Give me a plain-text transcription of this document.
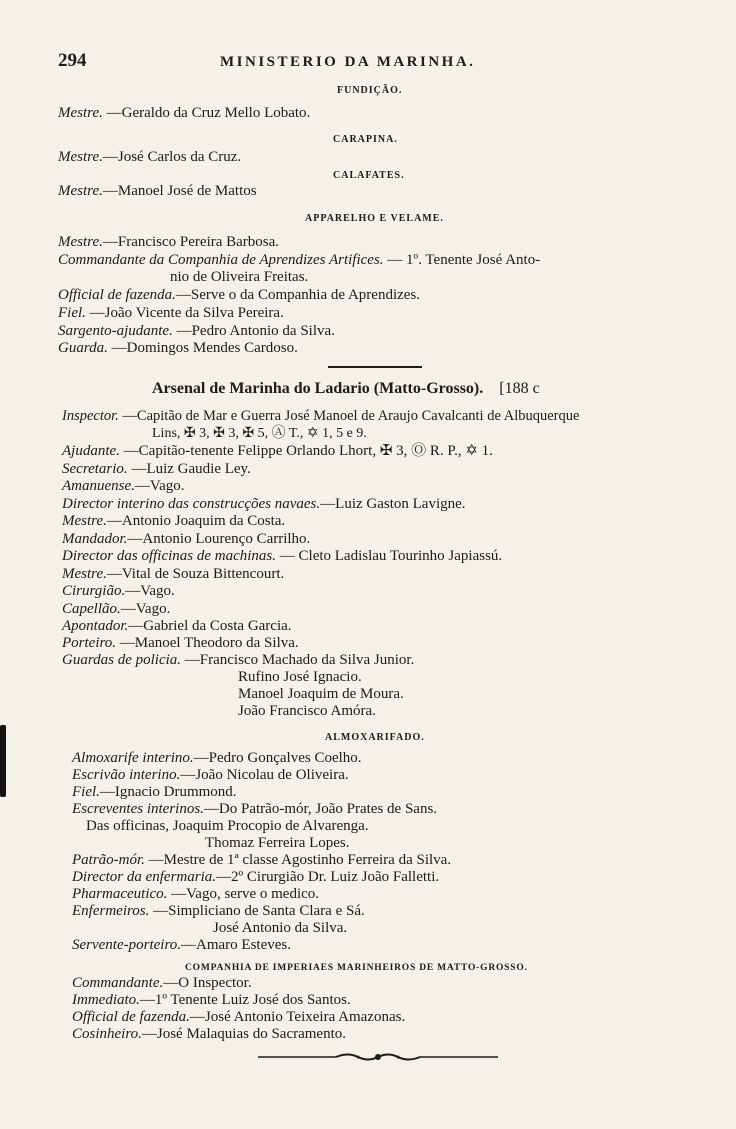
294	MINISTERIO DA MARINHA.
FUNDIÇÃO.
Mestre. —Geraldo da Cruz Mello Lobato.
CARAPINA.
Mestre.—José Carlos da Cruz.
CALAFATES.
Mestre.—Manoel José de Mattos
APPARELHO E VELAME.
Mestre.—Francisco Pereira Barbosa.
Commandante da Companhia de Aprendizes Artifices. — 1º. Tenente José Anto-
nio de Oliveira Freitas.
Official de fazenda.—Serve o da Companhia de Aprendizes.
Fiel. —João Vicente da Silva Pereira.
Sargento-ajudante. —Pedro Antonio da Silva.
Guarda. —Domingos Mendes Cardoso.
Arsenal de Marinha do Ladario (Matto-Grosso). [188 c
Inspector. —Capitão de Mar e Guerra José Manoel de Araujo Cavalcanti de Albuquerque
Lins, ✠ 3, ✠ 3, ✠ 5, Ⓐ T., ✡ 1, 5 e 9.
Ajudante. —Capitão-tenente Felippe Orlando Lhort, ✠ 3, Ⓞ R. P., ✡ 1.
Secretario. —Luiz Gaudie Ley.
Amanuense.—Vago.
Director interino das construcções navaes.—Luiz Gaston Lavigne.
Mestre.—Antonio Joaquim da Costa.
Mandador.—Antonio Lourenço Carrilho.
Director das officinas de machinas. — Cleto Ladislau Tourinho Japiassú.
Mestre.—Vital de Souza Bittencourt.
Cirurgião.—Vago.
Capellão.—Vago.
Apontador.—Gabriel da Costa Garcia.
Porteiro. —Manoel Theodoro da Silva.
Guardas de policia. —Francisco Machado da Silva Junior.
Rufino José Ignacio.
Manoel Joaquim de Moura.
João Francisco Amóra.
ALMOXARIFADO.
Almoxarife interino.—Pedro Gonçalves Coelho.
Escrivão interino.—João Nicolau de Oliveira.
Fiel.—Ignacio Drummond.
Escreventes interinos.—Do Patrão-mór, João Prates de Sans.
Das officinas, Joaquim Procopio de Alvarenga.
Thomaz Ferreira Lopes.
Patrão-mór. —Mestre de 1ª classe Agostinho Ferreira da Silva.
Director da enfermaria.—2º Cirurgião Dr. Luiz João Falletti.
Pharmaceutico. —Vago, serve o medico.
Enfermeiros. —Simpliciano de Santa Clara e Sá.
José Antonio da Silva.
Servente-porteiro.—Amaro Esteves.
COMPANHIA DE IMPERIAES MARINHEIROS DE MATTO-GROSSO.
Commandante.—O Inspector.
Immediato.—1º Tenente Luiz José dos Santos.
Official de fazenda.—José Antonio Teixeira Amazonas.
Cosinheiro.—José Malaquias do Sacramento.
